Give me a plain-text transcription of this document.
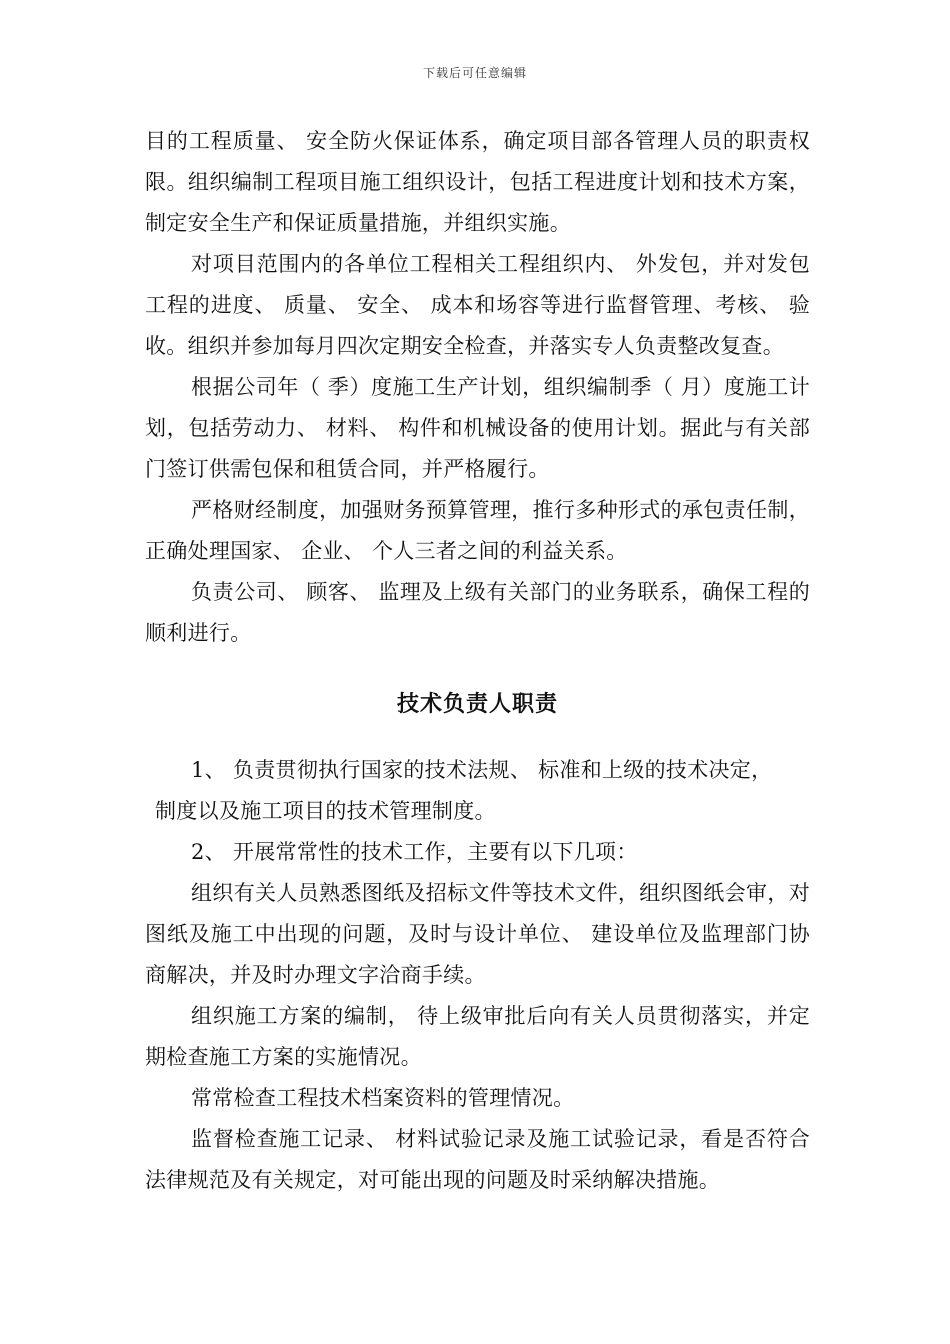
下载后可任意编辑

目的工程质量、 安全防火保证体系，确定项目部各管理人员的职责权限。组织编制工程项目施工组织设计，包括工程进度计划和技术方案，制定安全生产和保证质量措施，并组织实施。

对项目范围内的各单位工程相关工程组织内、 外发包，并对发包工程的进度、 质量、 安全、 成本和场容等进行监督管理、考核、 验收。组织并参加每月四次定期安全检查，并落实专人负责整改复查。

根据公司年（ 季）度施工生产计划，组织编制季（ 月）度施工计划，包括劳动力、 材料、 构件和机械设备的使用计划。据此与有关部门签订供需包保和租赁合同，并严格履行。

严格财经制度，加强财务预算管理，推行多种形式的承包责任制，正确处理国家、 企业、 个人三者之间的利益关系。

负责公司、 顾客、 监理及上级有关部门的业务联系，确保工程的顺利进行。

技术负责人职责

1、 负责贯彻执行国家的技术法规、 标准和上级的技术决定，

制度以及施工项目的技术管理制度。

2、 开展常常性的技术工作，主要有以下几项：

组织有关人员熟悉图纸及招标文件等技术文件，组织图纸会审，对图纸及施工中出现的问题，及时与设计单位、 建设单位及监理部门协商解决，并及时办理文字洽商手续。

组织施工方案的编制， 待上级审批后向有关人员贯彻落实，并定期检查施工方案的实施情况。

常常检查工程技术档案资料的管理情况。

监督检查施工记录、 材料试验记录及施工试验记录，看是否符合法律规范及有关规定，对可能出现的问题及时采纳解决措施。
